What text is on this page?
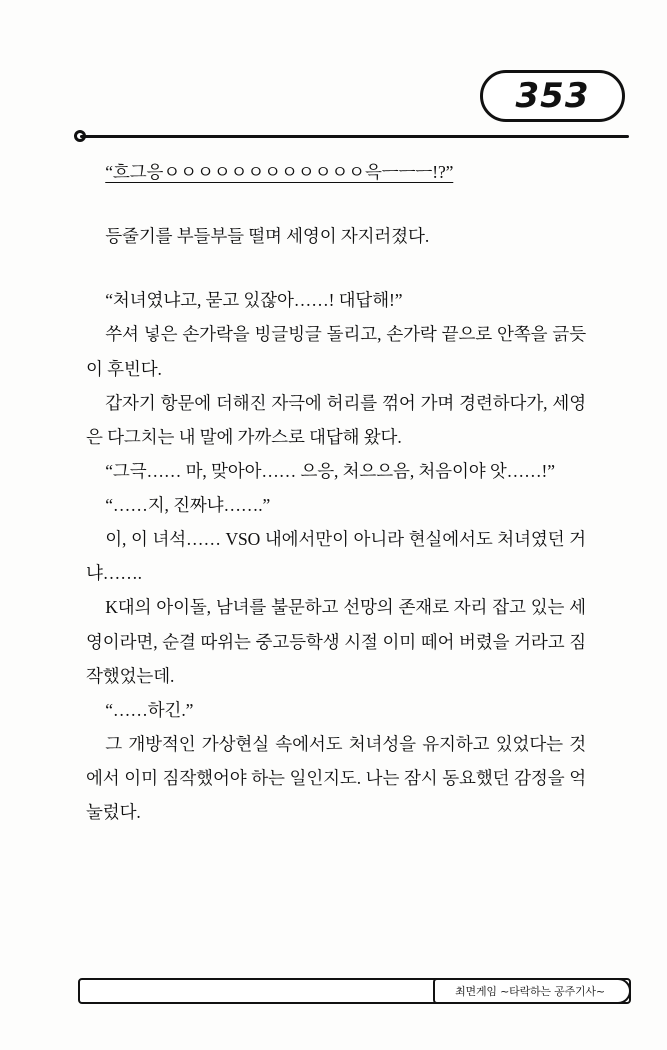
353

“흐그응ㅇㅇㅇㅇㅇㅇㅇㅇㅇㅇㅇㅇ윽ㅡㅡㅡ!?”

등줄기를 부들부들 떨며 세영이 자지러졌다.

“처녀였냐고, 묻고 있잖아……! 대답해!”

쑤셔 넣은 손가락을 빙글빙글 돌리고, 손가락 끝으로 안쪽을 긁듯이 후빈다.

갑자기 항문에 더해진 자극에 허리를 꺾어 가며 경련하다가, 세영은 다그치는 내 말에 가까스로 대답해 왔다.

“그극…… 마, 맞아아…… 으응, 처으으음, 처음이야 앗……!”

“……지, 진짜냐…….”

이, 이 녀석…… VSO 내에서만이 아니라 현실에서도 처녀였던 거냐…….

K대의 아이돌, 남녀를 불문하고 선망의 존재로 자리 잡고 있는 세영이라면, 순결 따위는 중고등학생 시절 이미 떼어 버렸을 거라고 짐작했었는데.

“……하긴.”

그 개방적인 가상현실 속에서도 처녀성을 유지하고 있었다는 것에서 이미 짐작했어야 하는 일인지도. 나는 잠시 동요했던 감정을 억눌렀다.

최면게임 ~타락하는 공주기사~
